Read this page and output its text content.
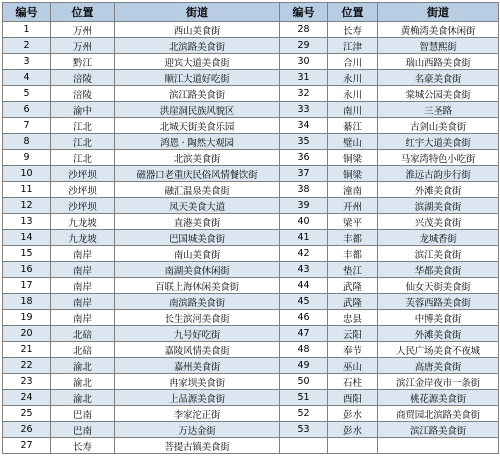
编号	位置	街道	编号	位置	街道
1	万州	西山美食街	28	长寿	黄桷湾美食休闲街
2	万州	北滨路美食街	29	江津	智慧熙街
3	黔江	迎宾大道美食街	30	合川	瑞山西路美食街
4	涪陵	顺江大道好吃街	31	永川	名豪美食街
5	涪陵	滨江路美食街	32	永川	棠城公园美食街
6	渝中	洪崖洞民族风貌区	33	南川	三圣路
7	江北	北城天街美食乐园	34	綦江	古剑山美食街
8	江北	鸿恩 · 陶然大观园	35	璧山	红宇大道美食街
9	江北	北滨美食街	36	铜梁	马家湾特色小吃街
10	沙坪坝	磁器口老重庆民俗风情餐饮街	37	铜梁	淮远古韵步行街
11	沙坪坝	融汇温泉美食街	38	潼南	外滩美食街
12	沙坪坝	凤天美食大道	39	开州	滨湖美食街
13	九龙坡	直港美食街	40	梁平	兴茂美食街
14	九龙坡	巴国城美食街	41	丰都	龙城香街
15	南岸	南山美食街	42	丰都	滨江美食街
16	南岸	南湖美食休闲街	43	垫江	华都美食街
17	南岸	百联上海休闲美食街	44	武隆	仙女天街美食街
18	南岸	南滨路美食街	45	武隆	芙蓉西路美食街
19	南岸	长生滨河美食街	46	忠县	中博美食街
20	北碚	九号好吃街	47	云阳	外滩美食街
21	北碚	嘉陵风情美食街	48	奉节	人民广场美食不夜城
22	渝北	嘉州美食街	49	巫山	高唐美食街
23	渝北	冉家坝美食街	50	石柱	滨江金岸夜市一条街
24	渝北	上品源美食街	51	酉阳	桃花源美食街
25	巴南	李家沱正街	52	彭水	商贸园北滨路美食街
26	巴南	万达金街	53	彭水	滨江路美食街
27	长寿	菩提古镇美食街			
